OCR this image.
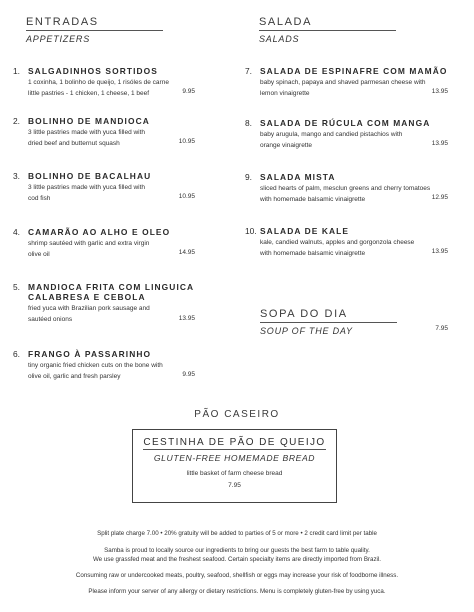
ENTRADAS
APPETIZERS
SALADA
SALADS
1. SALGADINHOS SORTIDOS
1 coxinha, 1 bolinho de queijo, 1 risóles de carne
little pastries - 1 chicken, 1 cheese, 1 beef	9.95
2. BOLINHO DE MANDIOCA
3 little pastries made with yuca filled with
dried beef and butternut squash	10.95
3. BOLINHO DE BACALHAU
3 little pastries made with yuca filled with
cod fish	10.95
4. CAMARÃO AO ALHO E OLEO
shrimp sautéed with garlic and extra virgin
olive oil	14.95
5. MANDIOCA FRITA COM LINGUICA
CALABRESA E CEBOLA
fried yuca with Brazilian pork sausage and
sautéed onions	13.95
6. FRANGO À PASSARINHO
tiny organic fried chicken cuts on the bone with
olive oil, garlic and fresh parsley	9.95
7. SALADA DE ESPINAFRE COM MAMÃO
baby spinach, papaya and shaved parmesan cheese with
lemon vinaigrette	13.95
8. SALADA DE RÚCULA COM MANGA
baby arugula, mango and candied pistachios with
orange vinaigrette	13.95
9. SALADA MISTA
sliced hearts of palm, mesclun greens and cherry tomatoes
with homemade balsamic vinaigrette	12.95
10. SALADA DE KALE
kale, candied walnuts, apples and gorgonzola cheese
with homemade balsamic vinaigrette	13.95
SOPA DO DIA
SOUP OF THE DAY	7.95
PÃO CASEIRO
CESTINHA DE PÃO DE QUEIJO
GLUTEN-FREE HOMEMADE BREAD
little basket of farm cheese bread
7.95
Split plate charge 7.00 • 20% gratuity will be added to parties of 5 or more • 2 credit card limit per table
Samba is proud to locally source our ingredients to bring our guests the best farm to table quality.
We use grassfed meat and the freshest seafood. Certain specialty items are directly imported from Brazil.
Consuming raw or undercooked meats, poultry, seafood, shellfish or eggs may increase your risk of foodborne illness.
Please inform your server of any allergy or dietary restrictions. Menu is completely gluten-free by using yuca.
